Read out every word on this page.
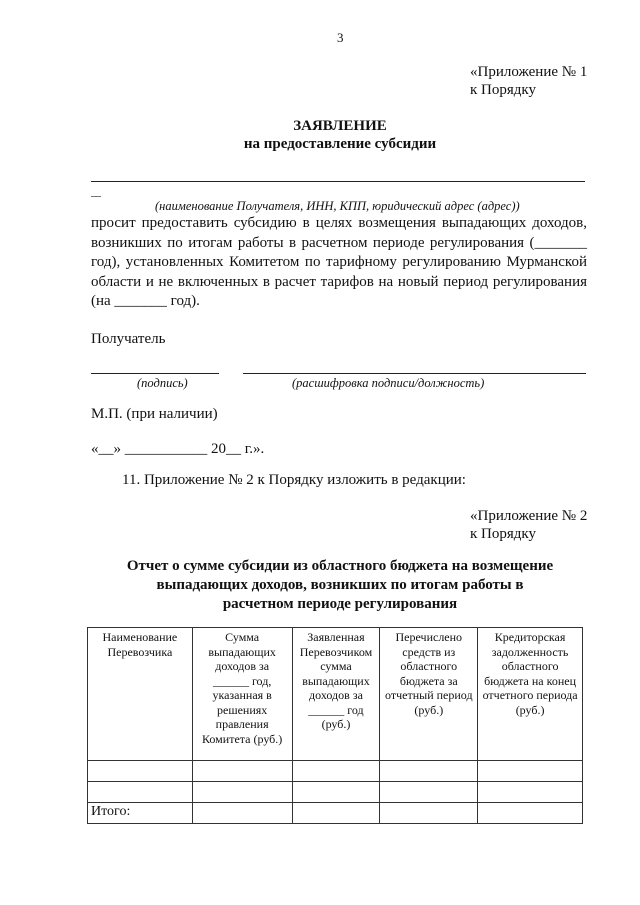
3
«Приложение № 1
к Порядку
ЗАЯВЛЕНИЕ
на предоставление субсидии
(наименование Получателя, ИНН, КПП, юридический адрес (адрес))
просит предоставить субсидию в целях возмещения выпадающих доходов, возникших по итогам работы в расчетном периоде регулирования (_______ год), установленных Комитетом по тарифному регулированию Мурманской области и не включенных в расчет тарифов на новый период регулирования (на _______ год).
Получатель
(подпись)	(расшифровка подписи/должность)
М.П. (при наличии)
«__» ___________ 20__ г.».
11. Приложение № 2 к Порядку изложить в редакции:
«Приложение № 2
к Порядку
Отчет о сумме субсидии из областного бюджета на возмещение выпадающих доходов, возникших по итогам работы в расчетном периоде регулирования
Наименование Перевозчика	Сумма выпадающих доходов за ______ год, указанная в решениях правления Комитета (руб.)	Заявленная Перевозчиком сумма выпадающих доходов за ______ год (руб.)	Перечислено средств из областного бюджета за отчетный период (руб.)	Кредиторская задолженность областного бюджета на конец отчетного периода (руб.)

Итого:				
